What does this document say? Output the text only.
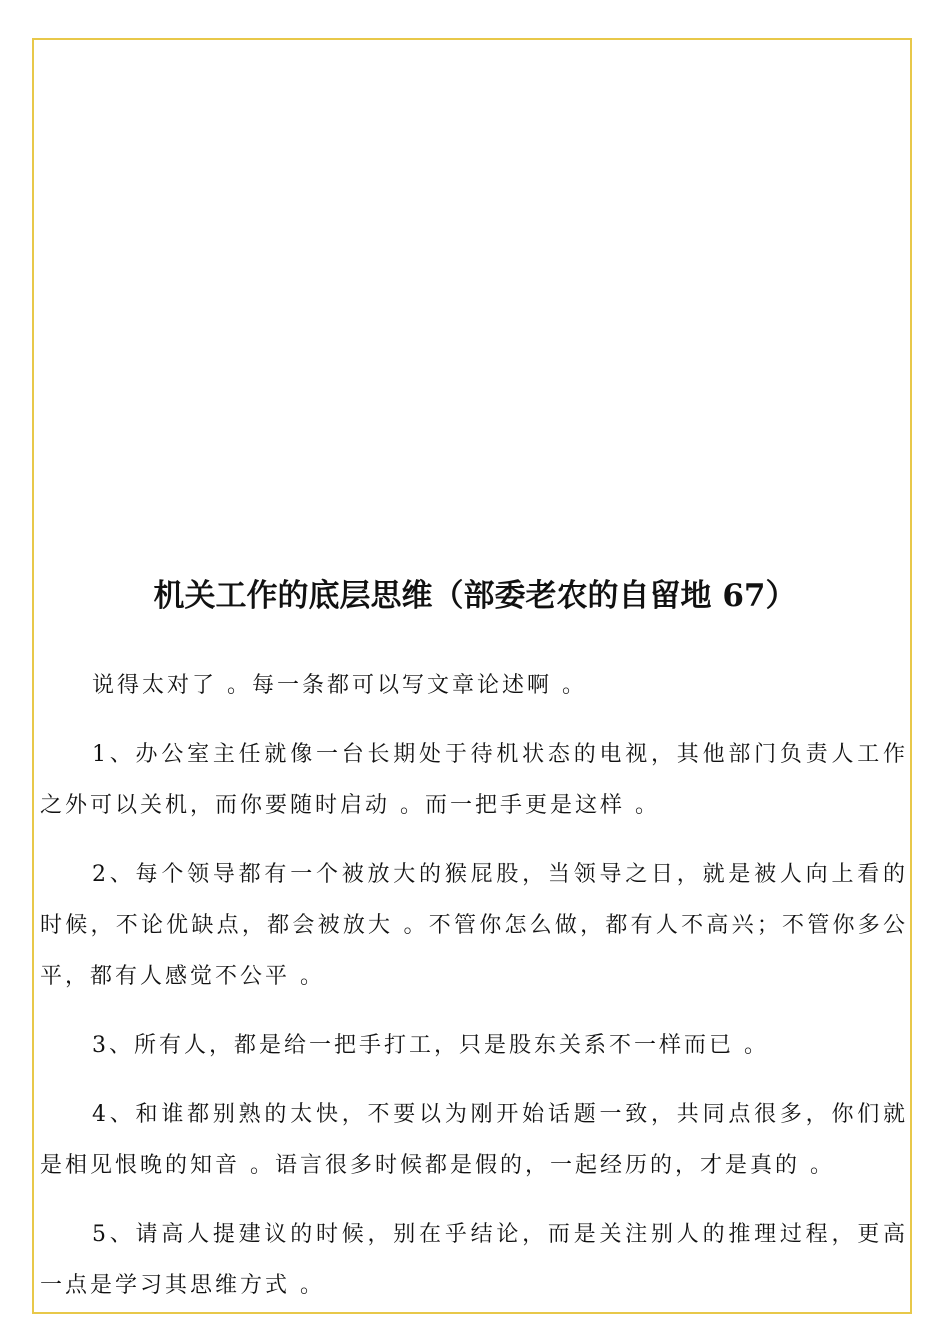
机关工作的底层思维（部委老农的自留地 67）

说得太对了 。每一条都可以写文章论述啊 。

1、办公室主任就像一台长期处于待机状态的电视，其他部门负责人工作之外可以关机，而你要随时启动 。而一把手更是这样 。

2、每个领导都有一个被放大的猴屁股，当领导之日，就是被人向上看的时候，不论优缺点，都会被放大 。不管你怎么做，都有人不高兴；不管你多公平，都有人感觉不公平 。

3、所有人，都是给一把手打工，只是股东关系不一样而已 。

4、和谁都别熟的太快，不要以为刚开始话题一致，共同点很多，你们就是相见恨晚的知音 。语言很多时候都是假的，一起经历的，才是真的 。

5、请高人提建议的时候，别在乎结论，而是关注别人的推理过程，更高一点是学习其思维方式 。
